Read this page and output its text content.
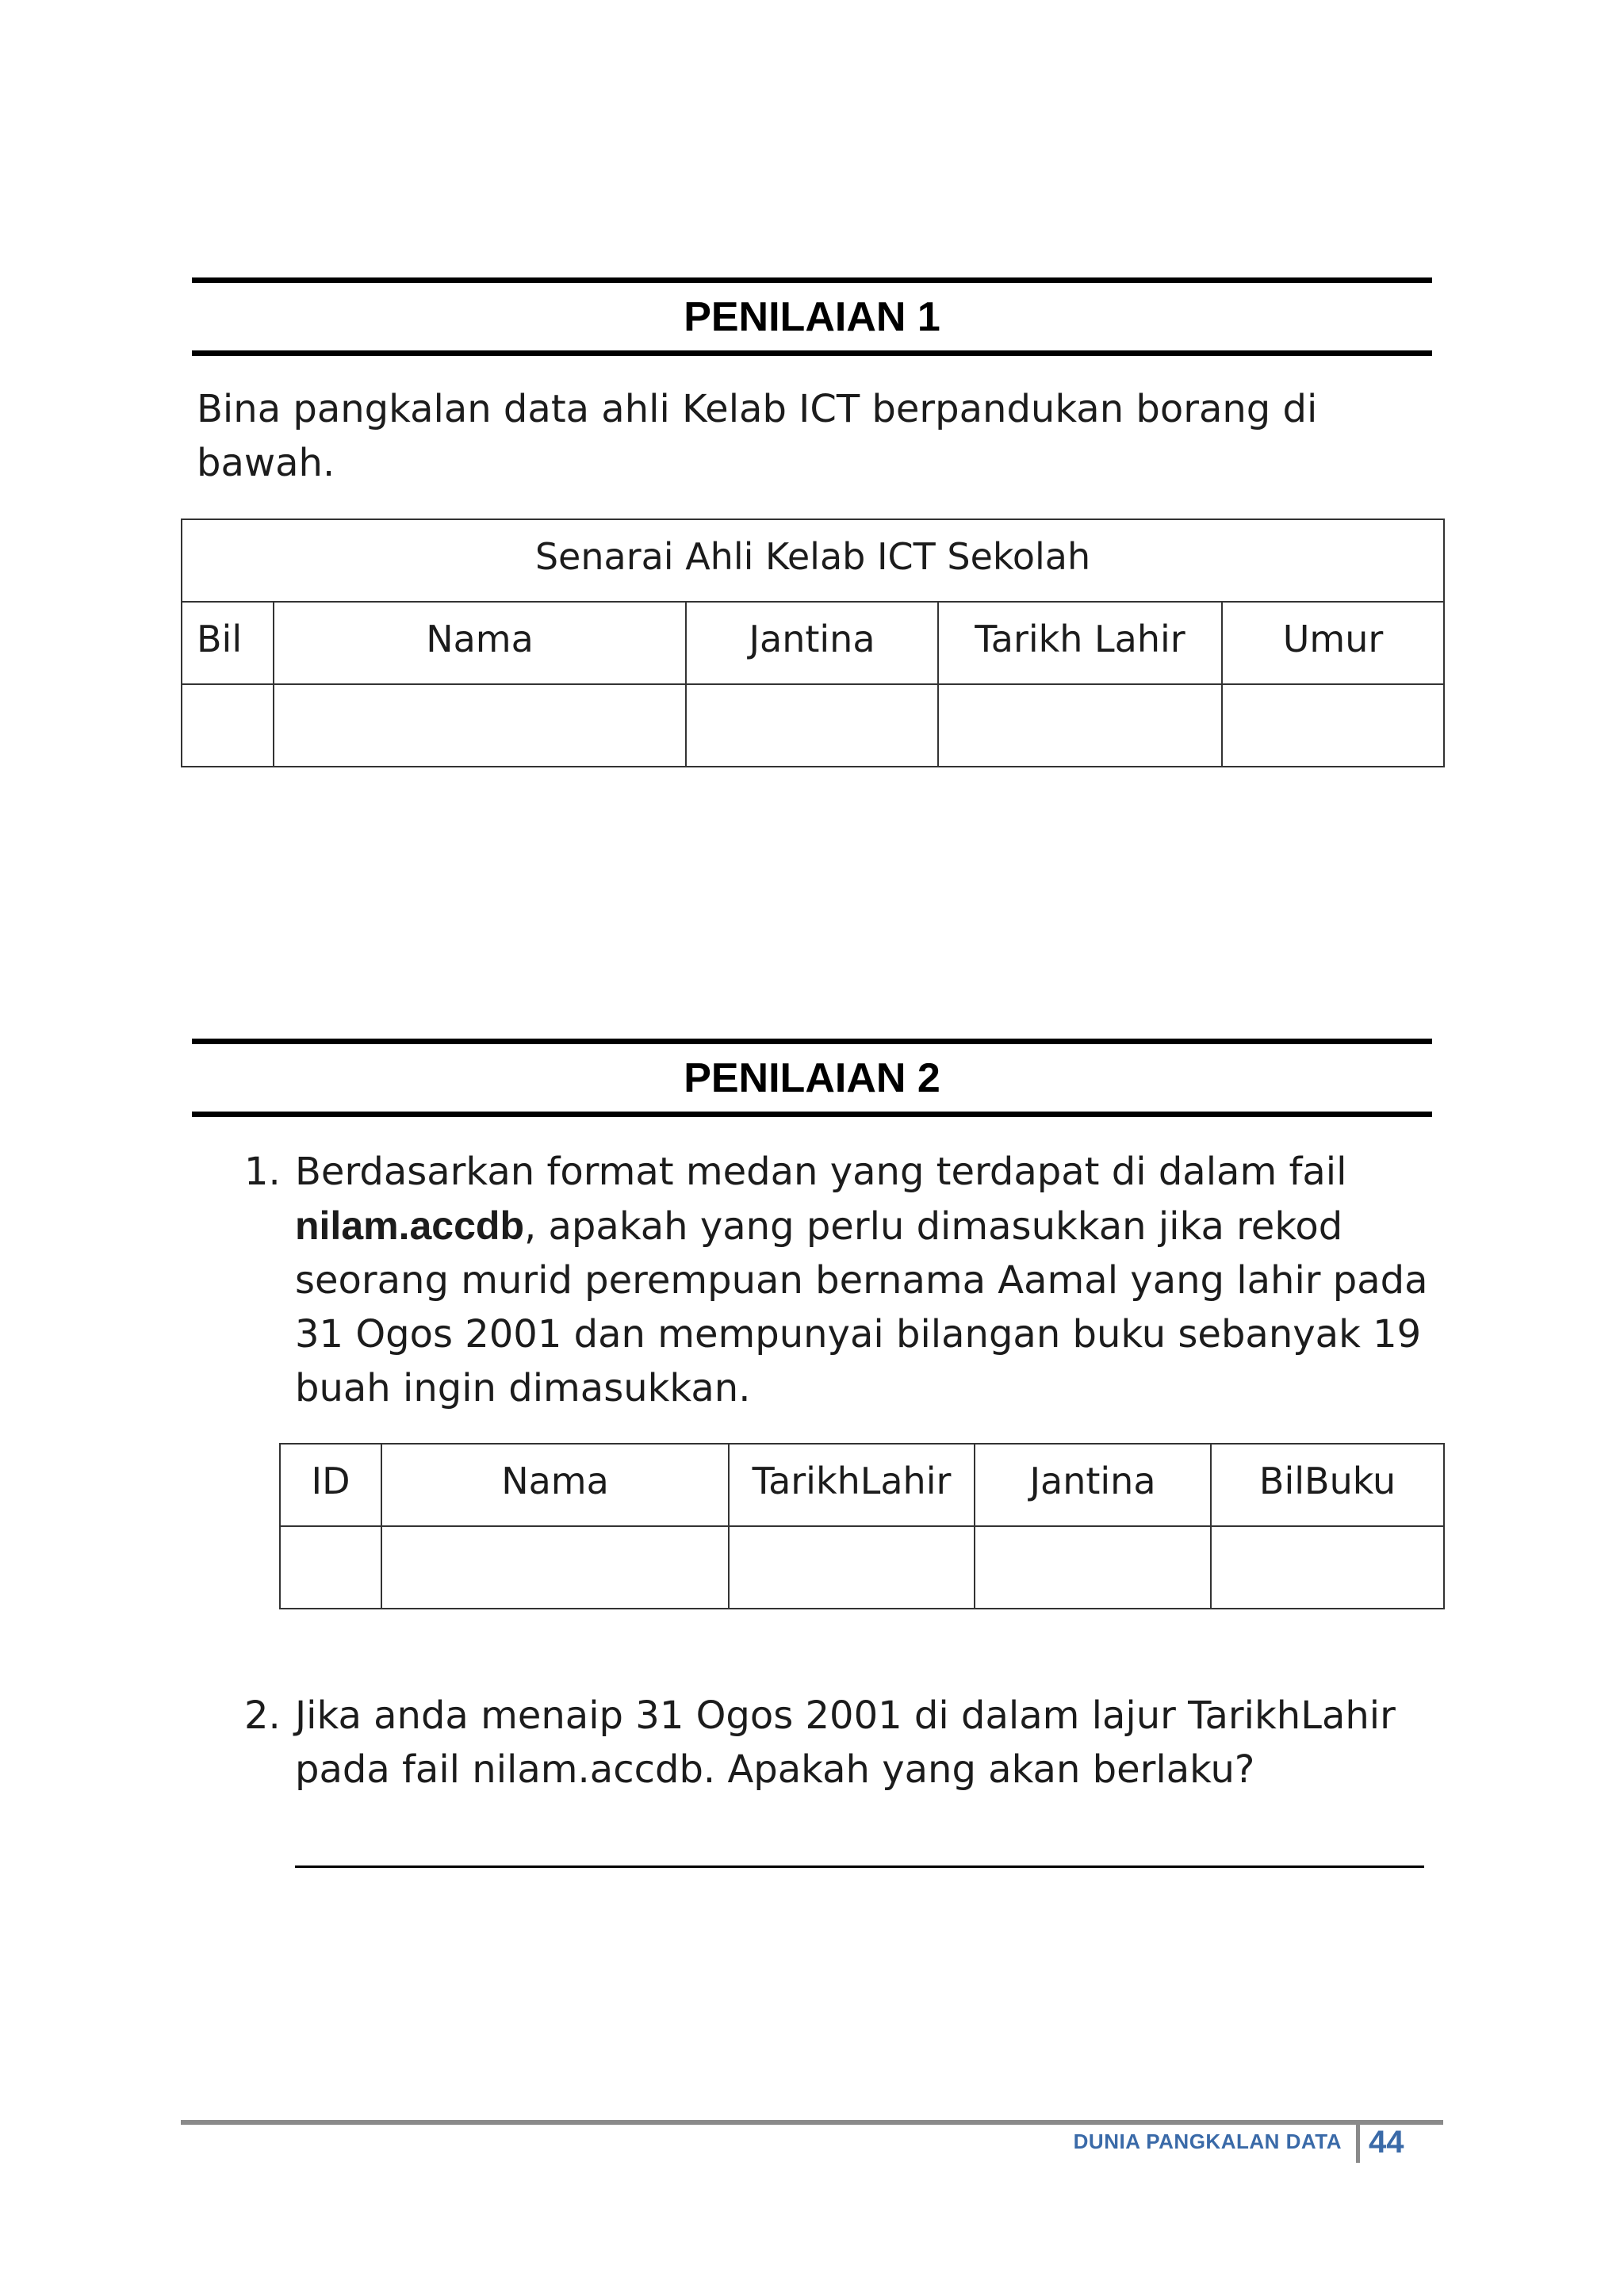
PENILAIAN 1
Bina pangkalan data ahli Kelab ICT berpandukan borang di bawah.
Senarai Ahli Kelab ICT Sekolah				

Bil	Nama	Jantina	Tarikh Lahir	Umur

PENILAIAN 2
1. Berdasarkan format medan yang terdapat di dalam fail nilam.accdb, apakah yang perlu dimasukkan jika rekod seorang murid perempuan bernama Aamal yang lahir pada 31 Ogos 2001 dan mempunyai bilangan buku sebanyak 19 buah ingin dimasukkan.
ID	Nama	TarikhLahir	Jantina	BilBuku

2. Jika anda menaip 31 Ogos 2001 di dalam lajur TarikhLahir pada fail nilam.accdb. Apakah yang akan berlaku?
DUNIA PANGKALAN DATA 44
